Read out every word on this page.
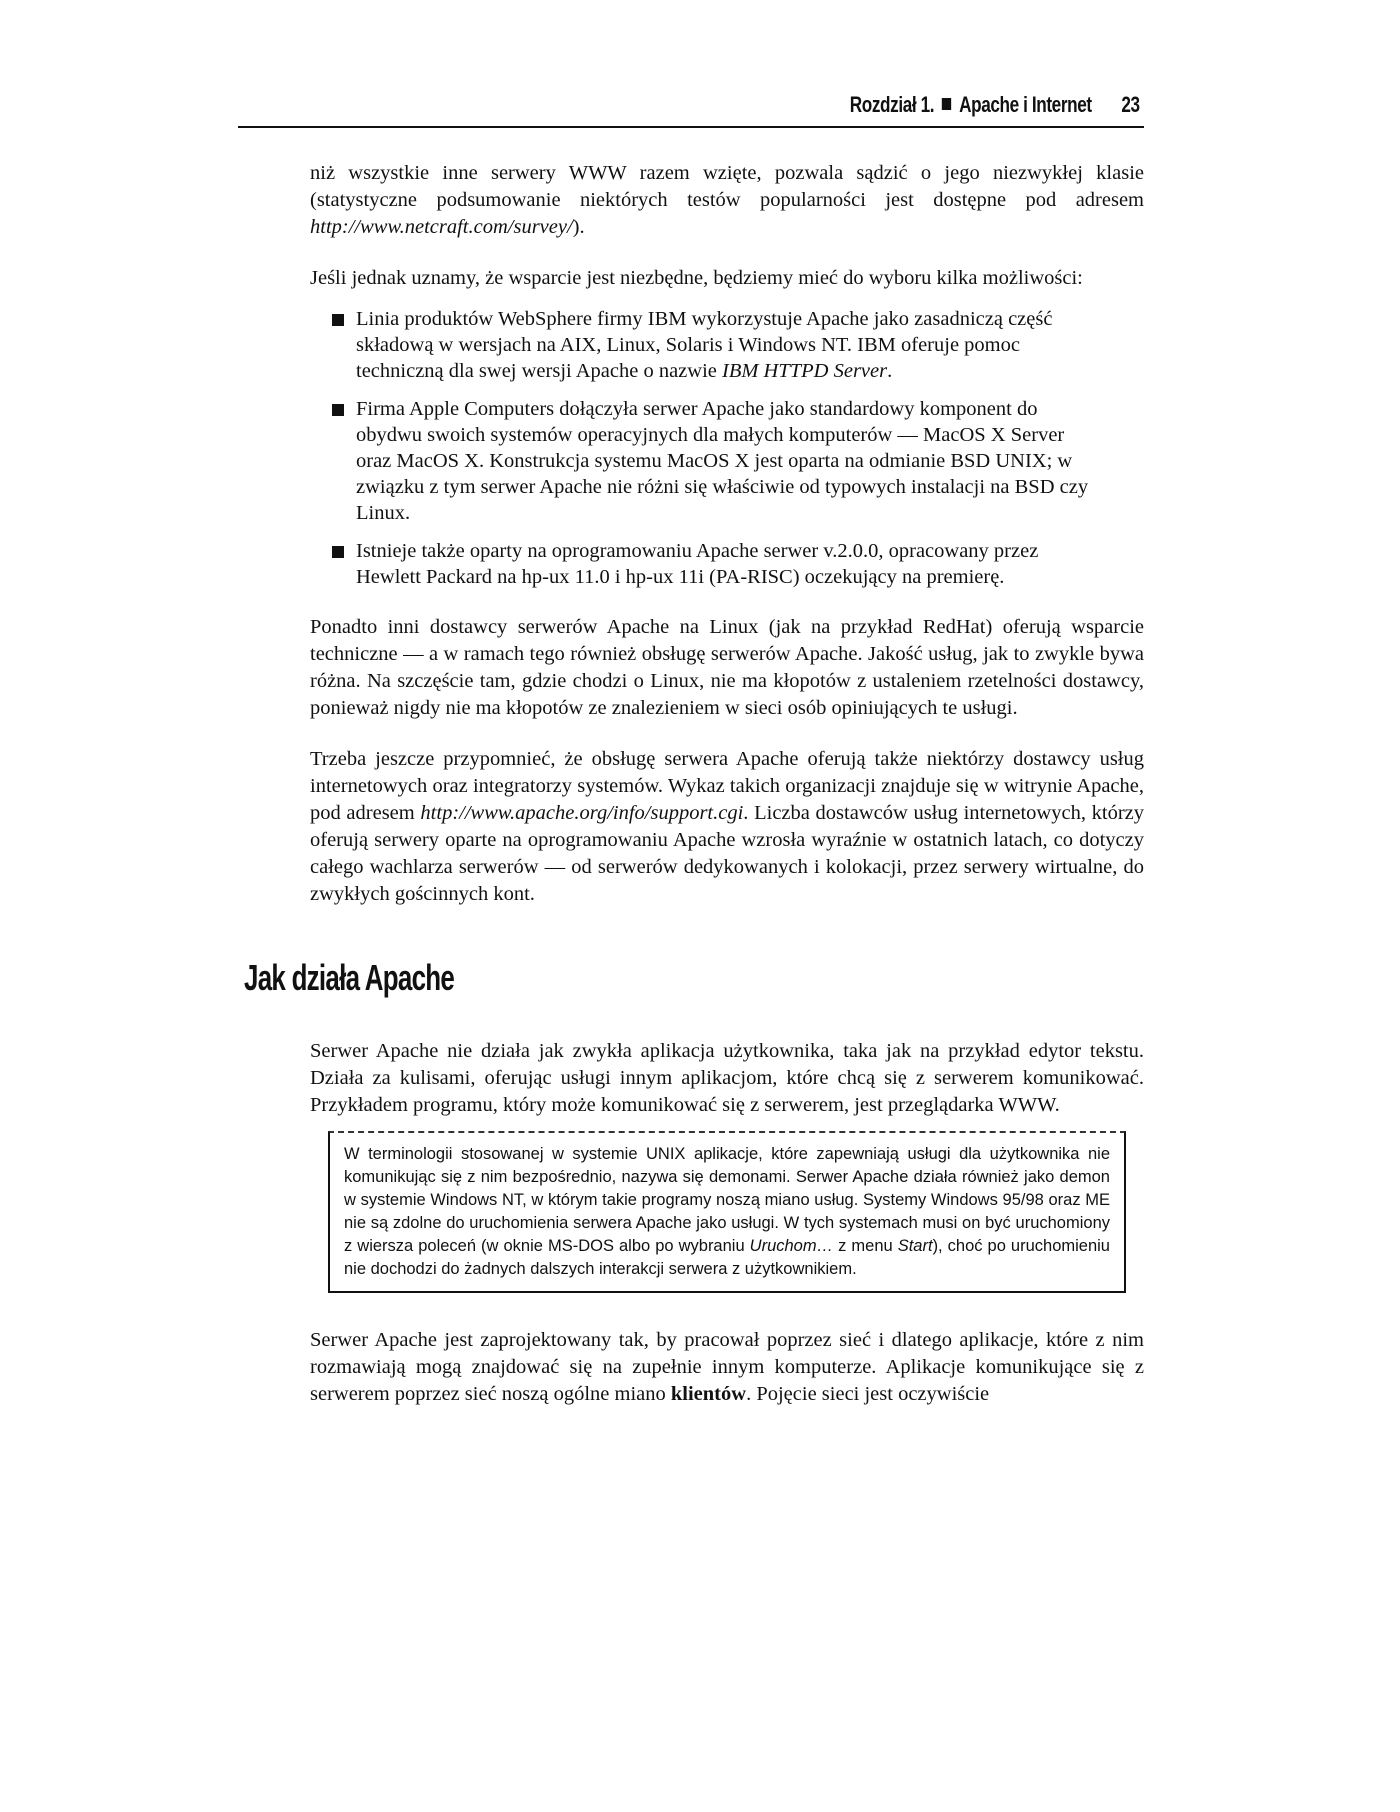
Rozdział 1. Apache i Internet 23

niż wszystkie inne serwery WWW razem wzięte, pozwala sądzić o jego niezwykłej klasie (statystyczne podsumowanie niektórych testów popularności jest dostępne pod adresem http://www.netcraft.com/survey/).

Jeśli jednak uznamy, że wsparcie jest niezbędne, będziemy mieć do wyboru kilka możliwości:

Linia produktów WebSphere firmy IBM wykorzystuje Apache jako zasadniczą część składową w wersjach na AIX, Linux, Solaris i Windows NT. IBM oferuje pomoc techniczną dla swej wersji Apache o nazwie IBM HTTPD Server.
Firma Apple Computers dołączyła serwer Apache jako standardowy komponent do obydwu swoich systemów operacyjnych dla małych komputerów — MacOS X Server oraz MacOS X. Konstrukcja systemu MacOS X jest oparta na odmianie BSD UNIX; w związku z tym serwer Apache nie różni się właściwie od typowych instalacji na BSD czy Linux.
Istnieje także oparty na oprogramowaniu Apache serwer v.2.0.0, opracowany przez Hewlett Packard na hp-ux 11.0 i hp-ux 11i (PA-RISC) oczekujący na premierę.

Ponadto inni dostawcy serwerów Apache na Linux (jak na przykład RedHat) oferują wsparcie techniczne — a w ramach tego również obsługę serwerów Apache. Jakość usług, jak to zwykle bywa różna. Na szczęście tam, gdzie chodzi o Linux, nie ma kłopotów z ustaleniem rzetelności dostawcy, ponieważ nigdy nie ma kłopotów ze znalezieniem w sieci osób opiniujących te usługi.

Trzeba jeszcze przypomnieć, że obsługę serwera Apache oferują także niektórzy dostawcy usług internetowych oraz integratorzy systemów. Wykaz takich organizacji znajduje się w witrynie Apache, pod adresem http://www.apache.org/info/support.cgi. Liczba dostawców usług internetowych, którzy oferują serwery oparte na oprogramowaniu Apache wzrosła wyraźnie w ostatnich latach, co dotyczy całego wachlarza serwerów — od serwerów dedykowanych i kolokacji, przez serwery wirtualne, do zwykłych gościnnych kont.

Jak działa Apache

Serwer Apache nie działa jak zwykła aplikacja użytkownika, taka jak na przykład edytor tekstu. Działa za kulisami, oferując usługi innym aplikacjom, które chcą się z serwerem komunikować. Przykładem programu, który może komunikować się z serwerem, jest przeglądarka WWW.

W terminologii stosowanej w systemie UNIX aplikacje, które zapewniają usługi dla użytkownika nie komunikując się z nim bezpośrednio, nazywa się demonami. Serwer Apache działa również jako demon w systemie Windows NT, w którym takie programy noszą miano usług. Systemy Windows 95/98 oraz ME nie są zdolne do uruchomienia serwera Apache jako usługi. W tych systemach musi on być uruchomiony z wiersza poleceń (w oknie MS-DOS albo po wybraniu Uruchom… z menu Start), choć po uruchomieniu nie dochodzi do żadnych dalszych interakcji serwera z użytkownikiem.

Serwer Apache jest zaprojektowany tak, by pracował poprzez sieć i dlatego aplikacje, które z nim rozmawiają mogą znajdować się na zupełnie innym komputerze. Aplikacje komunikujące się z serwerem poprzez sieć noszą ogólne miano klientów. Pojęcie sieci jest oczywiście
